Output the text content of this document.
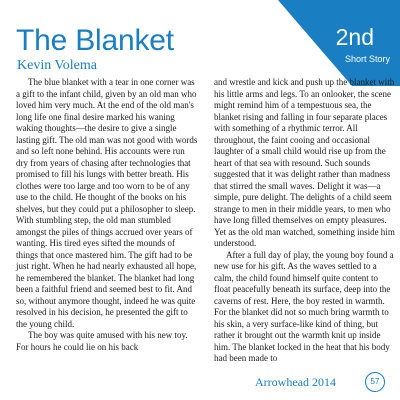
The Blanket
Kevin Volema
2nd
Short Story

The blue blanket with a tear in one corner was a gift to the infant child, given by an old man who loved him very much. At the end of the old man's long life one final desire marked his waning waking thoughts—the desire to give a single lasting gift. The old man was not good with words and so left none behind. His accounts were run dry from years of chasing after technologies that promised to fill his lungs with better breath. His clothes were too large and too worn to be of any use to the child. He thought of the books on his shelves, but they could put a philosopher to sleep. With stumbling step, the old man stumbled amongst the piles of things accrued over years of wanting. His tired eyes sifted the mounds of things that once mastered him. The gift had to be just right. When he had nearly exhausted all hope, he remembered the blanket. The blanket had long been a faithful friend and seemed best to fit. And so, without anymore thought, indeed he was quite resolved in his decision, he presented the gift to the young child.

The boy was quite amused with his new toy. For hours he could lie on his back

and wrestle and kick and push up the blanket with his little arms and legs. To an onlooker, the scene might remind him of a tempestuous sea, the blanket rising and falling in four separate places with something of a rhythmic terror. All throughout, the faint cooing and occasional laughter of a small child would rise up from the heart of that sea with resound. Such sounds suggested that it was delight rather than madness that stirred the small waves. Delight it was—a simple, pure delight. The delights of a child seem strange to men in their middle years, to men who have long filled themselves on empty pleasures. Yet as the old man watched, something inside him understood.

After a full day of play, the young boy found a new use for his gift. As the waves settled to a calm, the child found himself quite content to float peacefully beneath its surface, deep into the caverns of rest. Here, the boy rested in warmth. For the blanket did not so much bring warmth to his skin, a very surface-like kind of thing, but rather it brought out the warmth knit up inside him. The blanket locked in the heat that his body had been made to

Arrowhead 2014	57
